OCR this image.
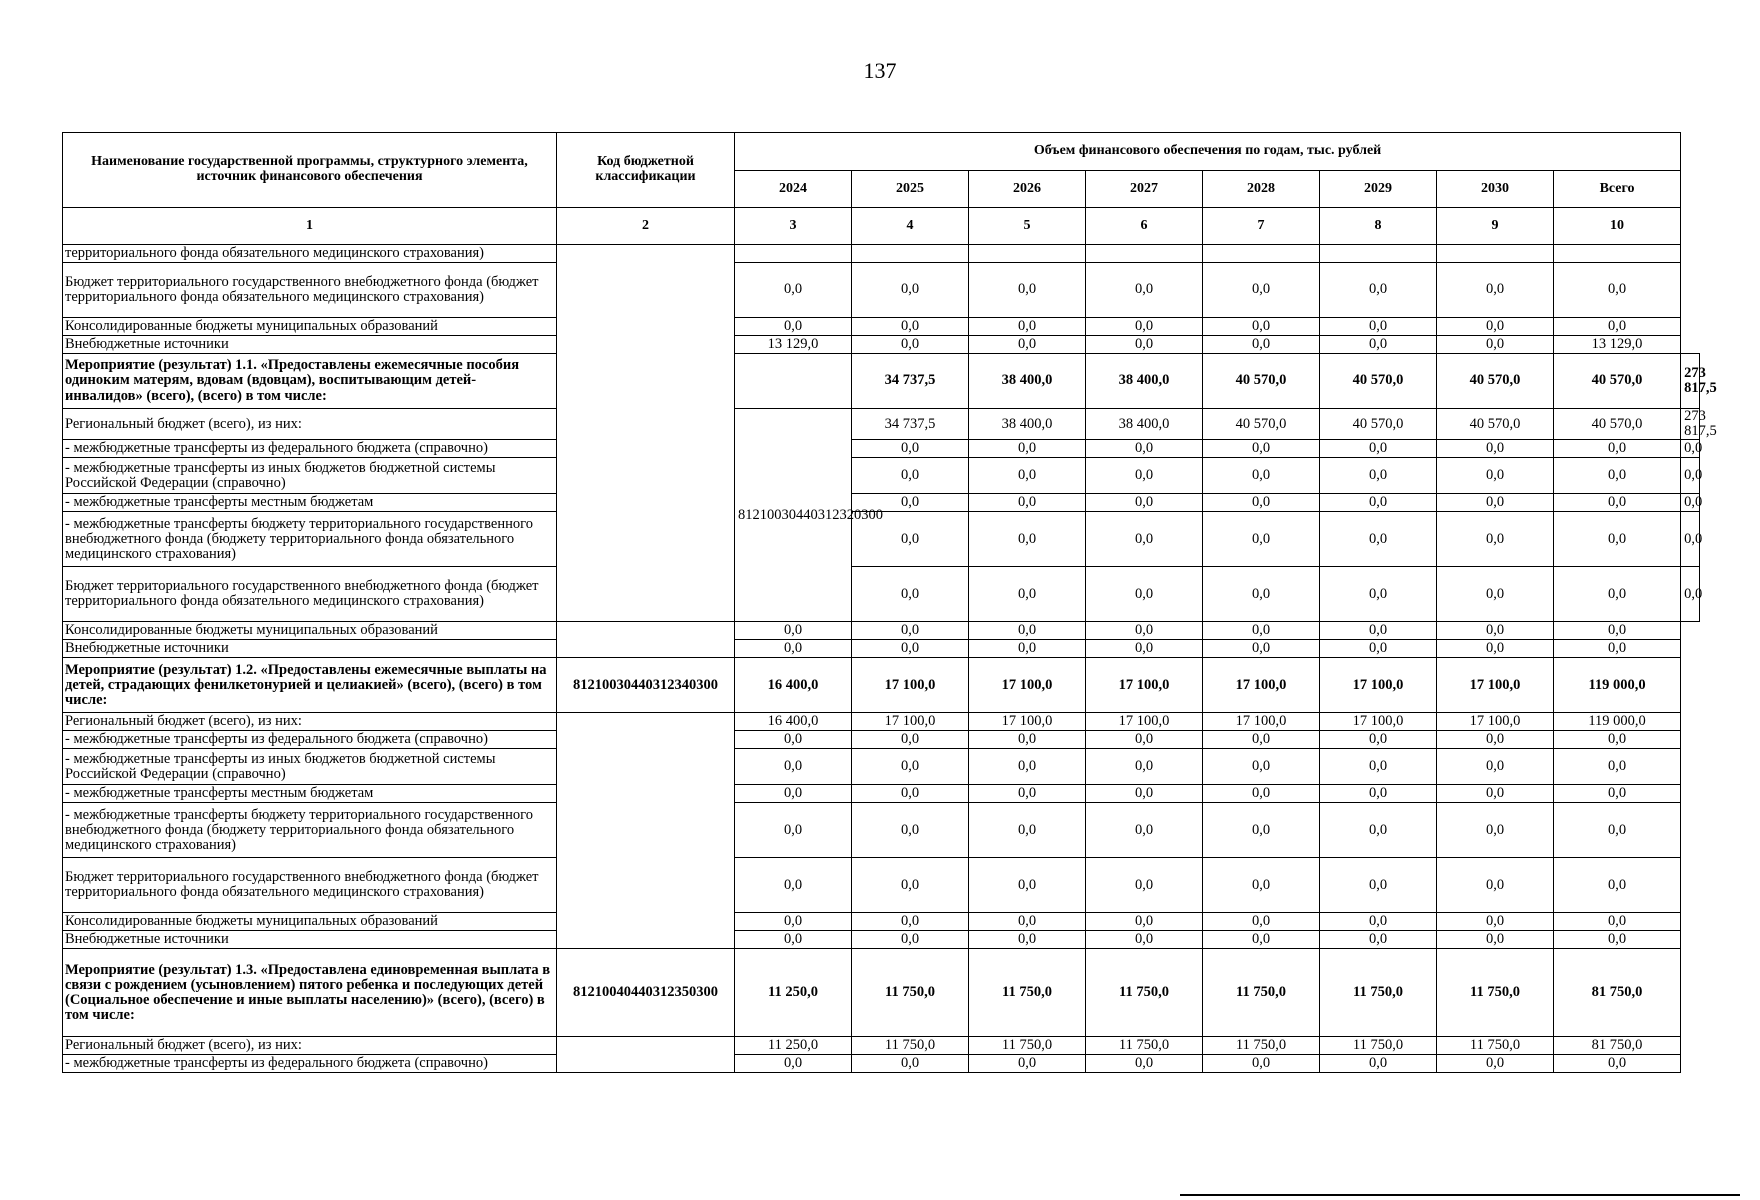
137
Наименование государственной программы, структурного элемента, источник финансового обеспечения	Код бюджетной классификации	Объем финансового обеспечения по годам, тыс. рублей								
		2024	2025	2026	2027	2028	2029	2030	Всего	
1	2	3	4	5	6	7	8	9	10	
территориального фонда обязательного медицинского страхования)										
Бюджет территориального государственного внебюджетного фонда (бюджет территориального фонда обязательного медицинского страхования)		0,0	0,0	0,0	0,0	0,0	0,0	0,0	0,0	
Консолидированные бюджеты муниципальных образований		0,0	0,0	0,0	0,0	0,0	0,0	0,0	0,0	
Внебюджетные источники		13 129,0	0,0	0,0	0,0	0,0	0,0	0,0	13 129,0	
Мероприятие (результат) 1.1. «Предоставлены ежемесячные пособия одиноким матерям, вдовам (вдовцам), воспитывающим детей-инвалидов» (всего), (всего) в том числе:			34 737,5	38 400,0	38 400,0	40 570,0	40 570,0	40 570,0	40 570,0	273 817,5
Региональный бюджет (всего), из них:		81210030440312320300	34 737,5	38 400,0	38 400,0	40 570,0	40 570,0	40 570,0	40 570,0	273 817,5
- межбюджетные трансферты из федерального бюджета (справочно)			0,0	0,0	0,0	0,0	0,0	0,0	0,0	0,0
- межбюджетные трансферты из иных бюджетов бюджетной системы Российской Федерации (справочно)			0,0	0,0	0,0	0,0	0,0	0,0	0,0	0,0
- межбюджетные трансферты местным бюджетам			0,0	0,0	0,0	0,0	0,0	0,0	0,0	0,0
- межбюджетные трансферты бюджету территориального государственного внебюджетного фонда (бюджету территориального фонда обязательного медицинского страхования)			0,0	0,0	0,0	0,0	0,0	0,0	0,0	0,0
Бюджет территориального государственного внебюджетного фонда (бюджет территориального фонда обязательного медицинского страхования)			0,0	0,0	0,0	0,0	0,0	0,0	0,0	0,0
Консолидированные бюджеты муниципальных образований		0,0	0,0	0,0	0,0	0,0	0,0	0,0	0,0	
Внебюджетные источники		0,0	0,0	0,0	0,0	0,0	0,0	0,0	0,0	
Мероприятие (результат) 1.2. «Предоставлены ежемесячные выплаты на детей, страдающих фенилкетонурией и целиакией» (всего), (всего) в том числе:	81210030440312340300	16 400,0	17 100,0	17 100,0	17 100,0	17 100,0	17 100,0	17 100,0	119 000,0	
Региональный бюджет (всего), из них:		16 400,0	17 100,0	17 100,0	17 100,0	17 100,0	17 100,0	17 100,0	119 000,0	
- межбюджетные трансферты из федерального бюджета (справочно)		0,0	0,0	0,0	0,0	0,0	0,0	0,0	0,0	
- межбюджетные трансферты из иных бюджетов бюджетной системы Российской Федерации (справочно)		0,0	0,0	0,0	0,0	0,0	0,0	0,0	0,0	
- межбюджетные трансферты местным бюджетам		0,0	0,0	0,0	0,0	0,0	0,0	0,0	0,0	
- межбюджетные трансферты бюджету территориального государственного внебюджетного фонда (бюджету территориального фонда обязательного медицинского страхования)		0,0	0,0	0,0	0,0	0,0	0,0	0,0	0,0	
Бюджет территориального государственного внебюджетного фонда (бюджет территориального фонда обязательного медицинского страхования)		0,0	0,0	0,0	0,0	0,0	0,0	0,0	0,0	
Консолидированные бюджеты муниципальных образований		0,0	0,0	0,0	0,0	0,0	0,0	0,0	0,0	
Внебюджетные источники		0,0	0,0	0,0	0,0	0,0	0,0	0,0	0,0	
Мероприятие (результат) 1.3. «Предоставлена единовременная выплата в связи с рождением (усыновлением) пятого ребенка и последующих детей (Социальное обеспечение и иные выплаты населению)» (всего), (всего) в том числе:	81210040440312350300	11 250,0	11 750,0	11 750,0	11 750,0	11 750,0	11 750,0	11 750,0	81 750,0	
Региональный бюджет (всего), из них:		11 250,0	11 750,0	11 750,0	11 750,0	11 750,0	11 750,0	11 750,0	81 750,0	
- межбюджетные трансферты из федерального бюджета (справочно)		0,0	0,0	0,0	0,0	0,0	0,0	0,0	0,0	
